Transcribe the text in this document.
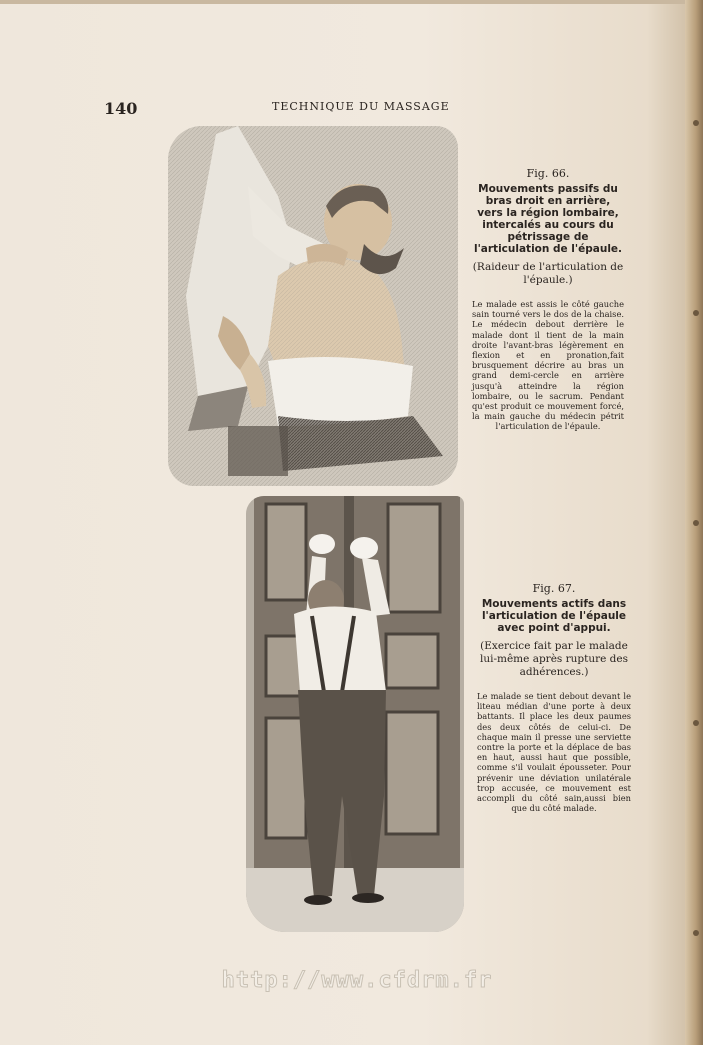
140	TECHNIQUE DU MASSAGE
Fig. 66.
Mouvements passifs du bras droit en arrière, vers la région lombaire, intercalés au cours du pétrissage de l'articulation de l'épaule.
(Raideur de l'articulation de l'épaule.)
Le malade est assis le côté gauche sain tourné vers le dos de la chaise. Le médecin debout derrière le malade dont il tient de la main droite l'avant-bras légèrement en flexion et en pronation,fait brusquement décrire au bras un grand demi-cercle en arrière jusqu'à atteindre la région lombaire, ou le sacrum. Pendant qu'est produit ce mouvement forcé, la main gauche du médecin pétrit l'articulation de l'épaule.
Fig. 67.
Mouvements actifs dans l'articulation de l'épaule avec point d'appui.
(Exercice fait par le malade lui-même après rupture des adhérences.)
Le malade se tient debout devant le liteau médian d'une porte à deux battants. Il place les deux paumes des deux côtés de celui-ci. De chaque main il presse une serviette contre la porte et la déplace de bas en haut, aussi haut que possible, comme s'il voulait épousseter. Pour prévenir une déviation unilatérale trop accusée, ce mouvement est accompli du côté sain,aussi bien que du côté malade.
http://www.cfdrm.fr
